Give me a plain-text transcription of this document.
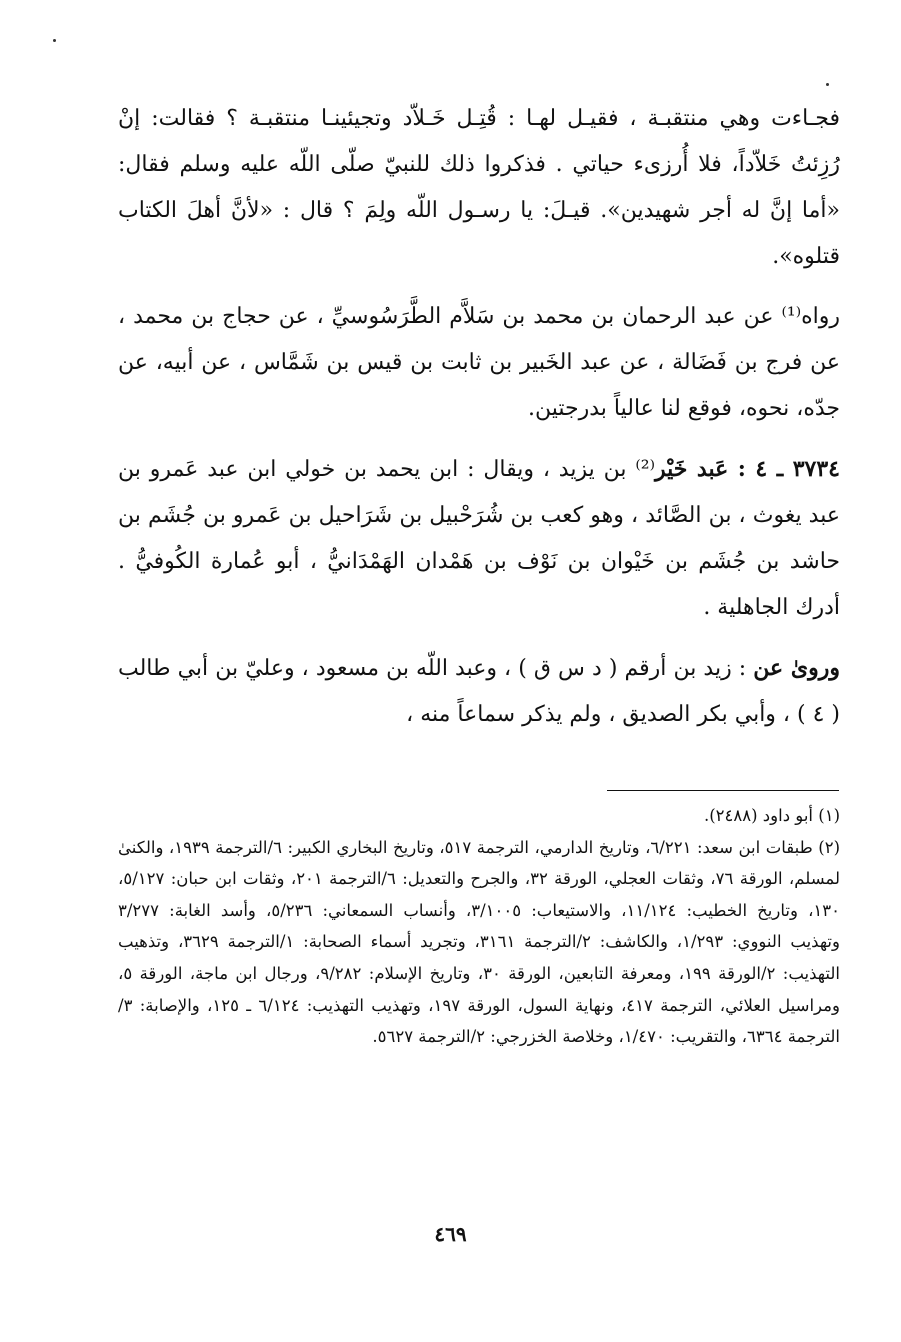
فجـاءت وهي منتقبـة ، فقيـل لهـا : قُتِـل خَـلاّد وتجيئينـا منتقبـة ؟ فقالت: إنْ رُزِئتُ خَلاّداً، فلا أُرزىء حياتي . فذكروا ذلك للنبيّ صلّى اللّه عليه وسلم فقال: «أما إنَّ له أجر شهيدين». قيـلَ: يا رسـول اللّه ولِمَ ؟ قال : «لأنَّ أهلَ الكتاب قتلوه».

رواه⁽¹⁾ عن عبد الرحمان بن محمد بن سَلاَّم الطَّرَسُوسيِّ ، عن حجاج بن محمد ، عن فرج بن فَضَالة ، عن عبد الخَبير بن ثابت بن قيس بن شَمَّاس ، عن أبيه، عن جدّه، نحوه، فوقع لنا عالياً بدرجتين.

٣٧٣٤ ـ ٤ : عَبد خَيْر⁽²⁾ بن يزيد ، ويقال : ابن يحمد بن خولي ابن عبد عَمرو بن عبد يغوث ، بن الصَّائد ، وهو كعب بن شُرَحْبيل بن شَرَاحيل بن عَمرو بن جُشَم بن حاشد بن جُشَم بن خَيْوان بن نَوْف بن هَمْدان الهَمْدَانيُّ ، أبو عُمارة الكُوفيُّ . أدرك الجاهلية .

وروىٰ عن : زيد بن أرقم ( د س ق ) ، وعبد اللّه بن مسعود ، وعليّ بن أبي طالب ( ٤ ) ، وأبي بكر الصديق ، ولم يذكر سماعاً منه ،

(١) أبو داود (٢٤٨٨).

(٢) طبقات ابن سعد: ٦/٢٢١، وتاريخ الدارمي، الترجمة ٥١٧، وتاريخ البخاري الكبير: ٦/الترجمة ١٩٣٩، والكنىٰ لمسلم، الورقة ٧٦، وثقات العجلي، الورقة ٣٢، والجرح والتعديل: ٦/الترجمة ٢٠١، وثقات ابن حبان: ٥/١٢٧، ١٣٠، وتاريخ الخطيب: ١١/١٢٤، والاستيعاب: ٣/١٠٠٥، وأنساب السمعاني: ٥/٢٣٦، وأسد الغابة: ٣/٢٧٧ وتهذيب النووي: ١/٢٩٣، والكاشف: ٢/الترجمة ٣١٦١، وتجريد أسماء الصحابة: ١/الترجمة ٣٦٢٩، وتذهيب التهذيب: ٢/الورقة ١٩٩، ومعرفة التابعين، الورقة ٣٠، وتاريخ الإسلام: ٩/٢٨٢، ورجال ابن ماجة، الورقة ٥، ومراسيل العلائي، الترجمة ٤١٧، ونهاية السول، الورقة ١٩٧، وتهذيب التهذيب: ٦/١٢٤ ـ ١٢٥، والإصابة: ٣/الترجمة ٦٣٦٤، والتقريب: ١/٤٧٠، وخلاصة الخزرجي: ٢/الترجمة ٥٦٢٧.

٤٦٩
